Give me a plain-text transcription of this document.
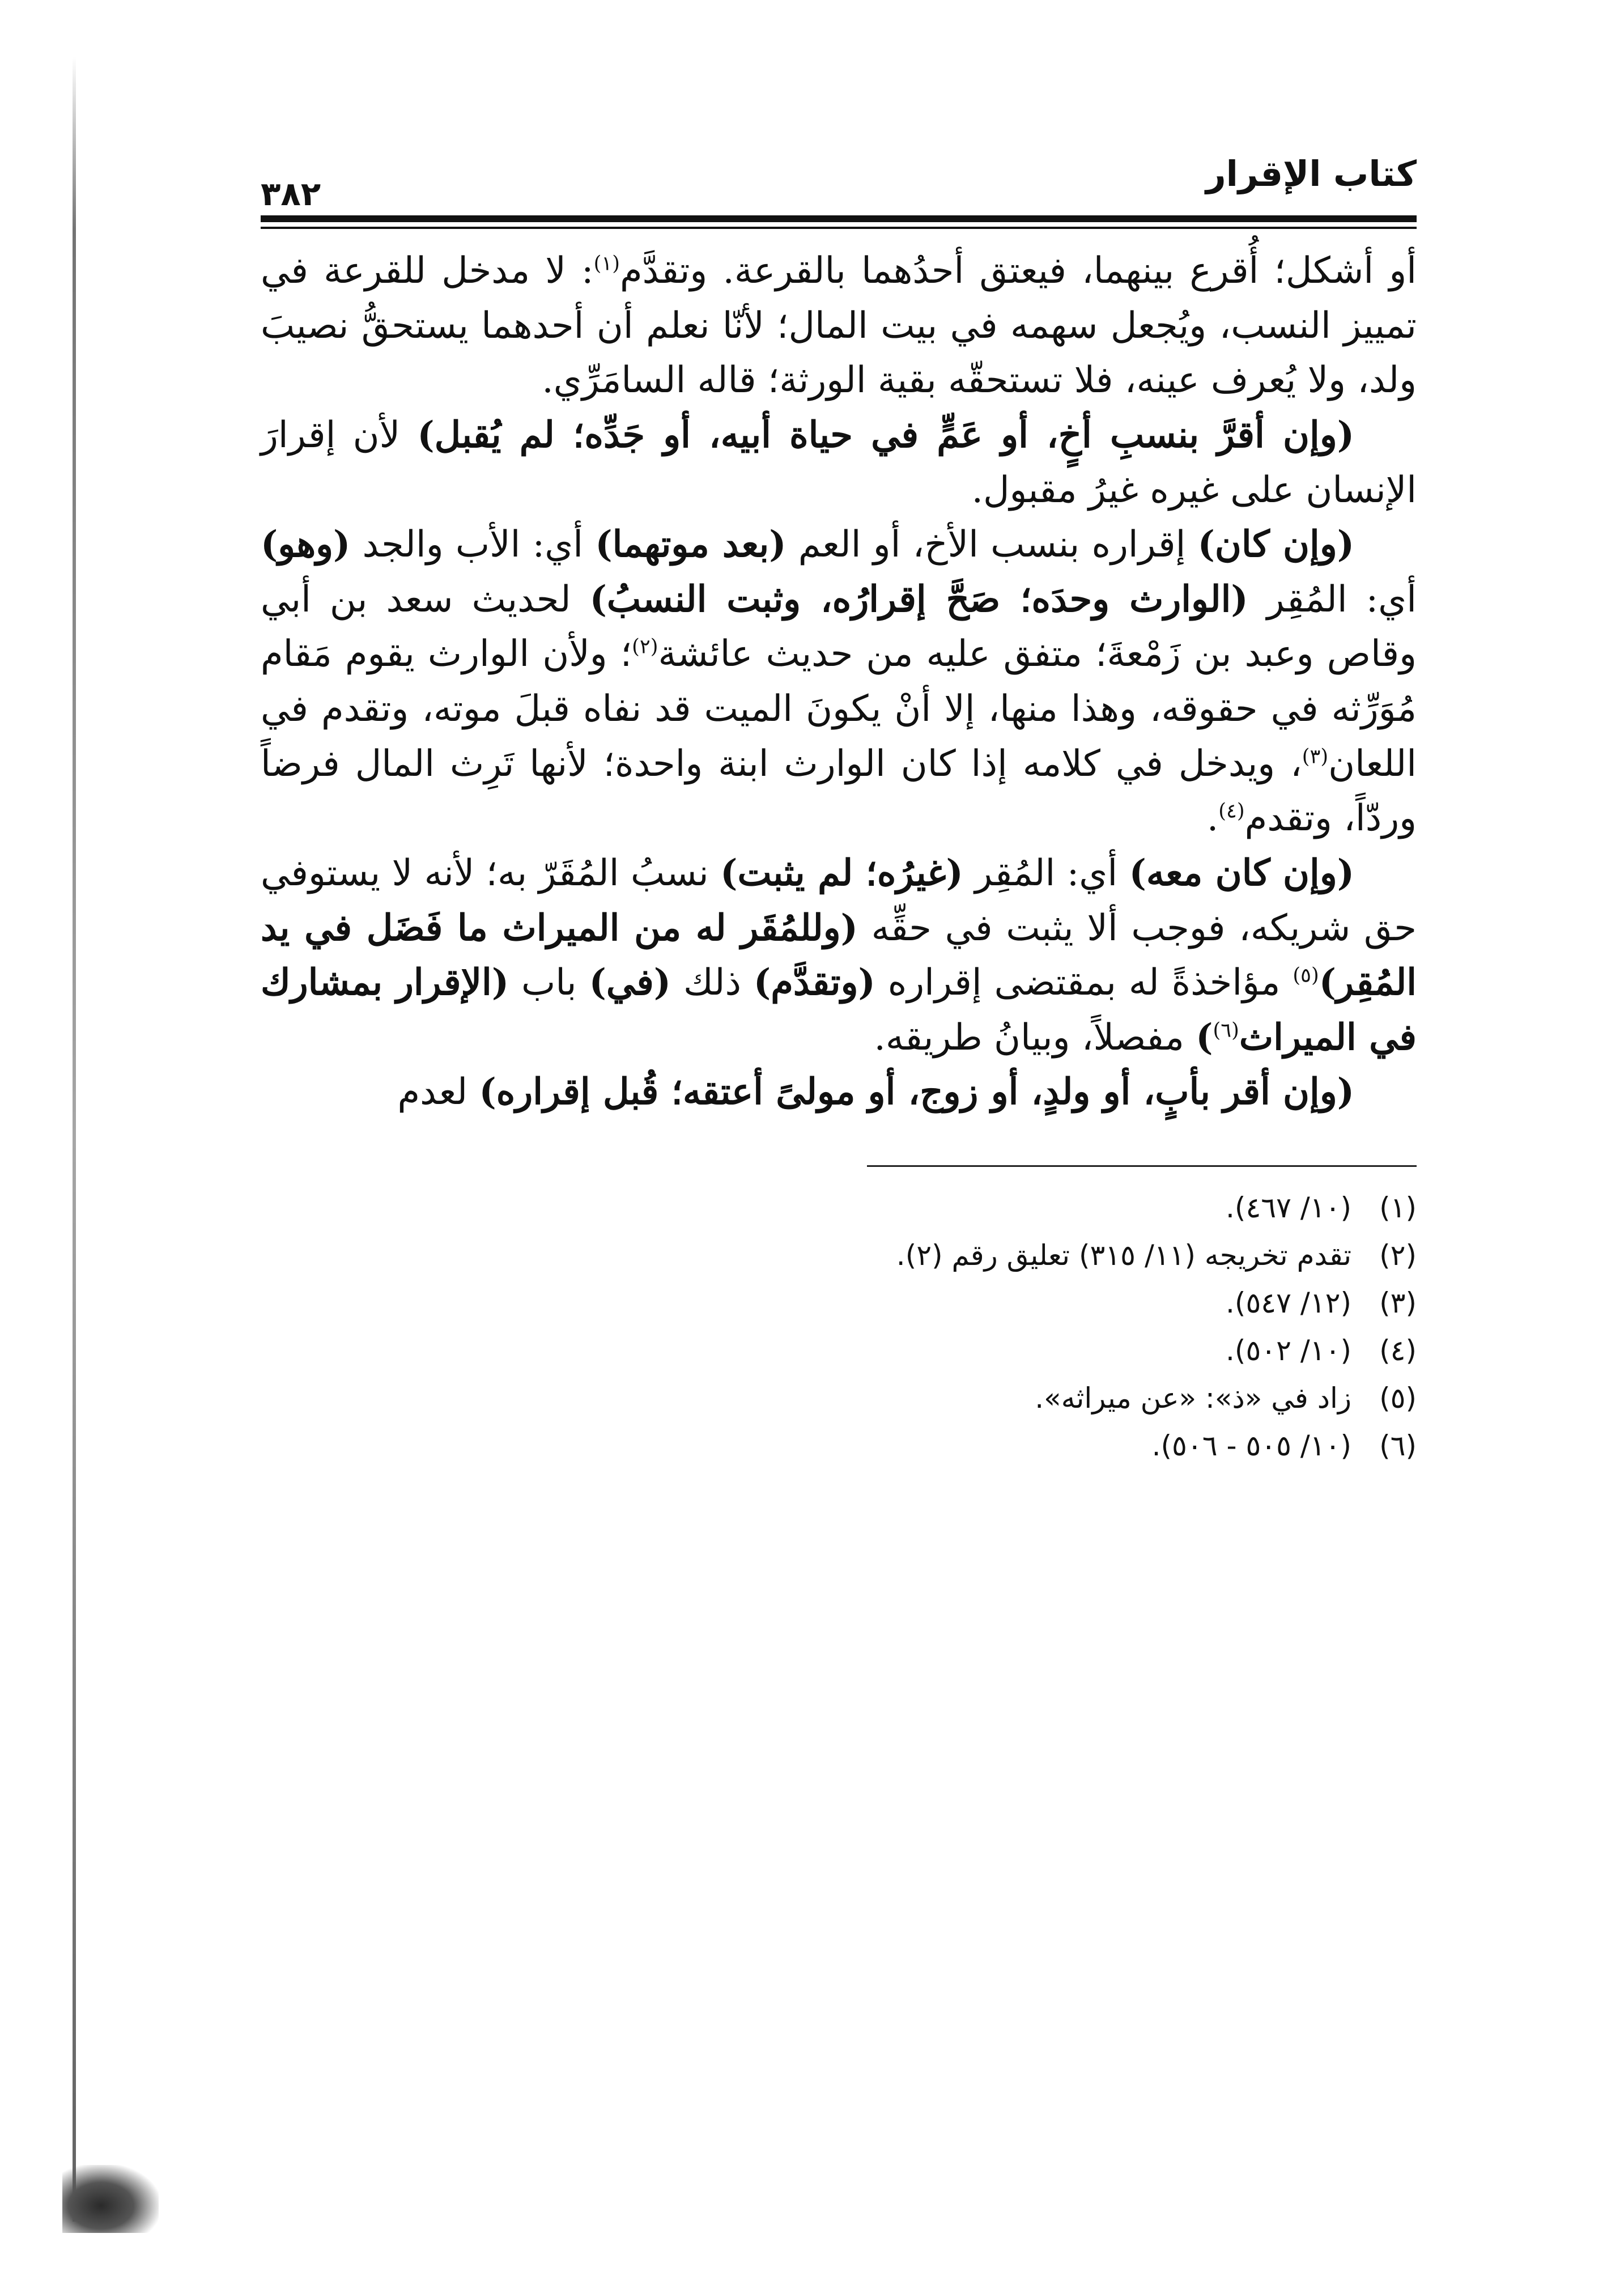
كتاب الإقرار
٣٨٢

أو أشكل؛ أُقرع بينهما، فيعتق أحدُهما بالقرعة. وتقدَّم$^{(١)}$: لا مدخل للقرعة في تمييز النسب، ويُجعل سهمه في بيت المال؛ لأنّا نعلم أن أحدهما يستحقُّ نصيبَ ولد، ولا يُعرف عينه، فلا تستحقّه بقية الورثة؛ قاله السامَرِّي.

(وإن أقرَّ بنسبِ أخٍ، أو عَمٍّ في حياة أبيه، أو جَدِّه؛ لم يُقبل) لأن إقرارَ الإنسان على غيره غيرُ مقبول.

(وإن كان) إقراره بنسب الأخ، أو العم (بعد موتهما) أي: الأب والجد (وهو) أي: المُقِر (الوارث وحدَه؛ صَحَّ إقرارُه، وثبت النسبُ) لحديث سعد بن أبي وقاص وعبد بن زَمْعةَ؛ متفق عليه من حديث عائشة$^{(٢)}$؛ ولأن الوارث يقوم مَقام مُوَرِّثه في حقوقه، وهذا منها، إلا أنْ يكونَ الميت قد نفاه قبلَ موته، وتقدم في اللعان$^{(٣)}$، ويدخل في كلامه إذا كان الوارث ابنة واحدة؛ لأنها تَرِث المال فرضاً وردّاً، وتقدم$^{(٤)}$.

(وإن كان معه) أي: المُقِر (غيرُه؛ لم يثبت) نسبُ المُقَرّ به؛ لأنه لا يستوفي حق شريكه، فوجب ألا يثبت في حقِّه (وللمُقَر له من الميراث ما فَضَل في يد المُقِر)$^{(٥)}$ مؤاخذةً له بمقتضى إقراره (وتقدَّم) ذلك (في) باب (الإقرار بمشارك في الميراث$^{(٦)}$) مفصلاً، وبيانُ طريقه.

(وإن أقر بأبٍ، أو ولدٍ، أو زوج، أو مولىً أعتقه؛ قُبل إقراره) لعدم

(١)
(١٠/ ٤٦٧).
(٢)
تقدم تخريجه (١١/ ٣١٥) تعليق رقم (٢).
(٣)
(١٢/ ٥٤٧).
(٤)
(١٠/ ٥٠٢).
(٥)
زاد في «ذ»: «عن ميراثه».
(٦)
(١٠/ ٥٠٥ - ٥٠٦).
